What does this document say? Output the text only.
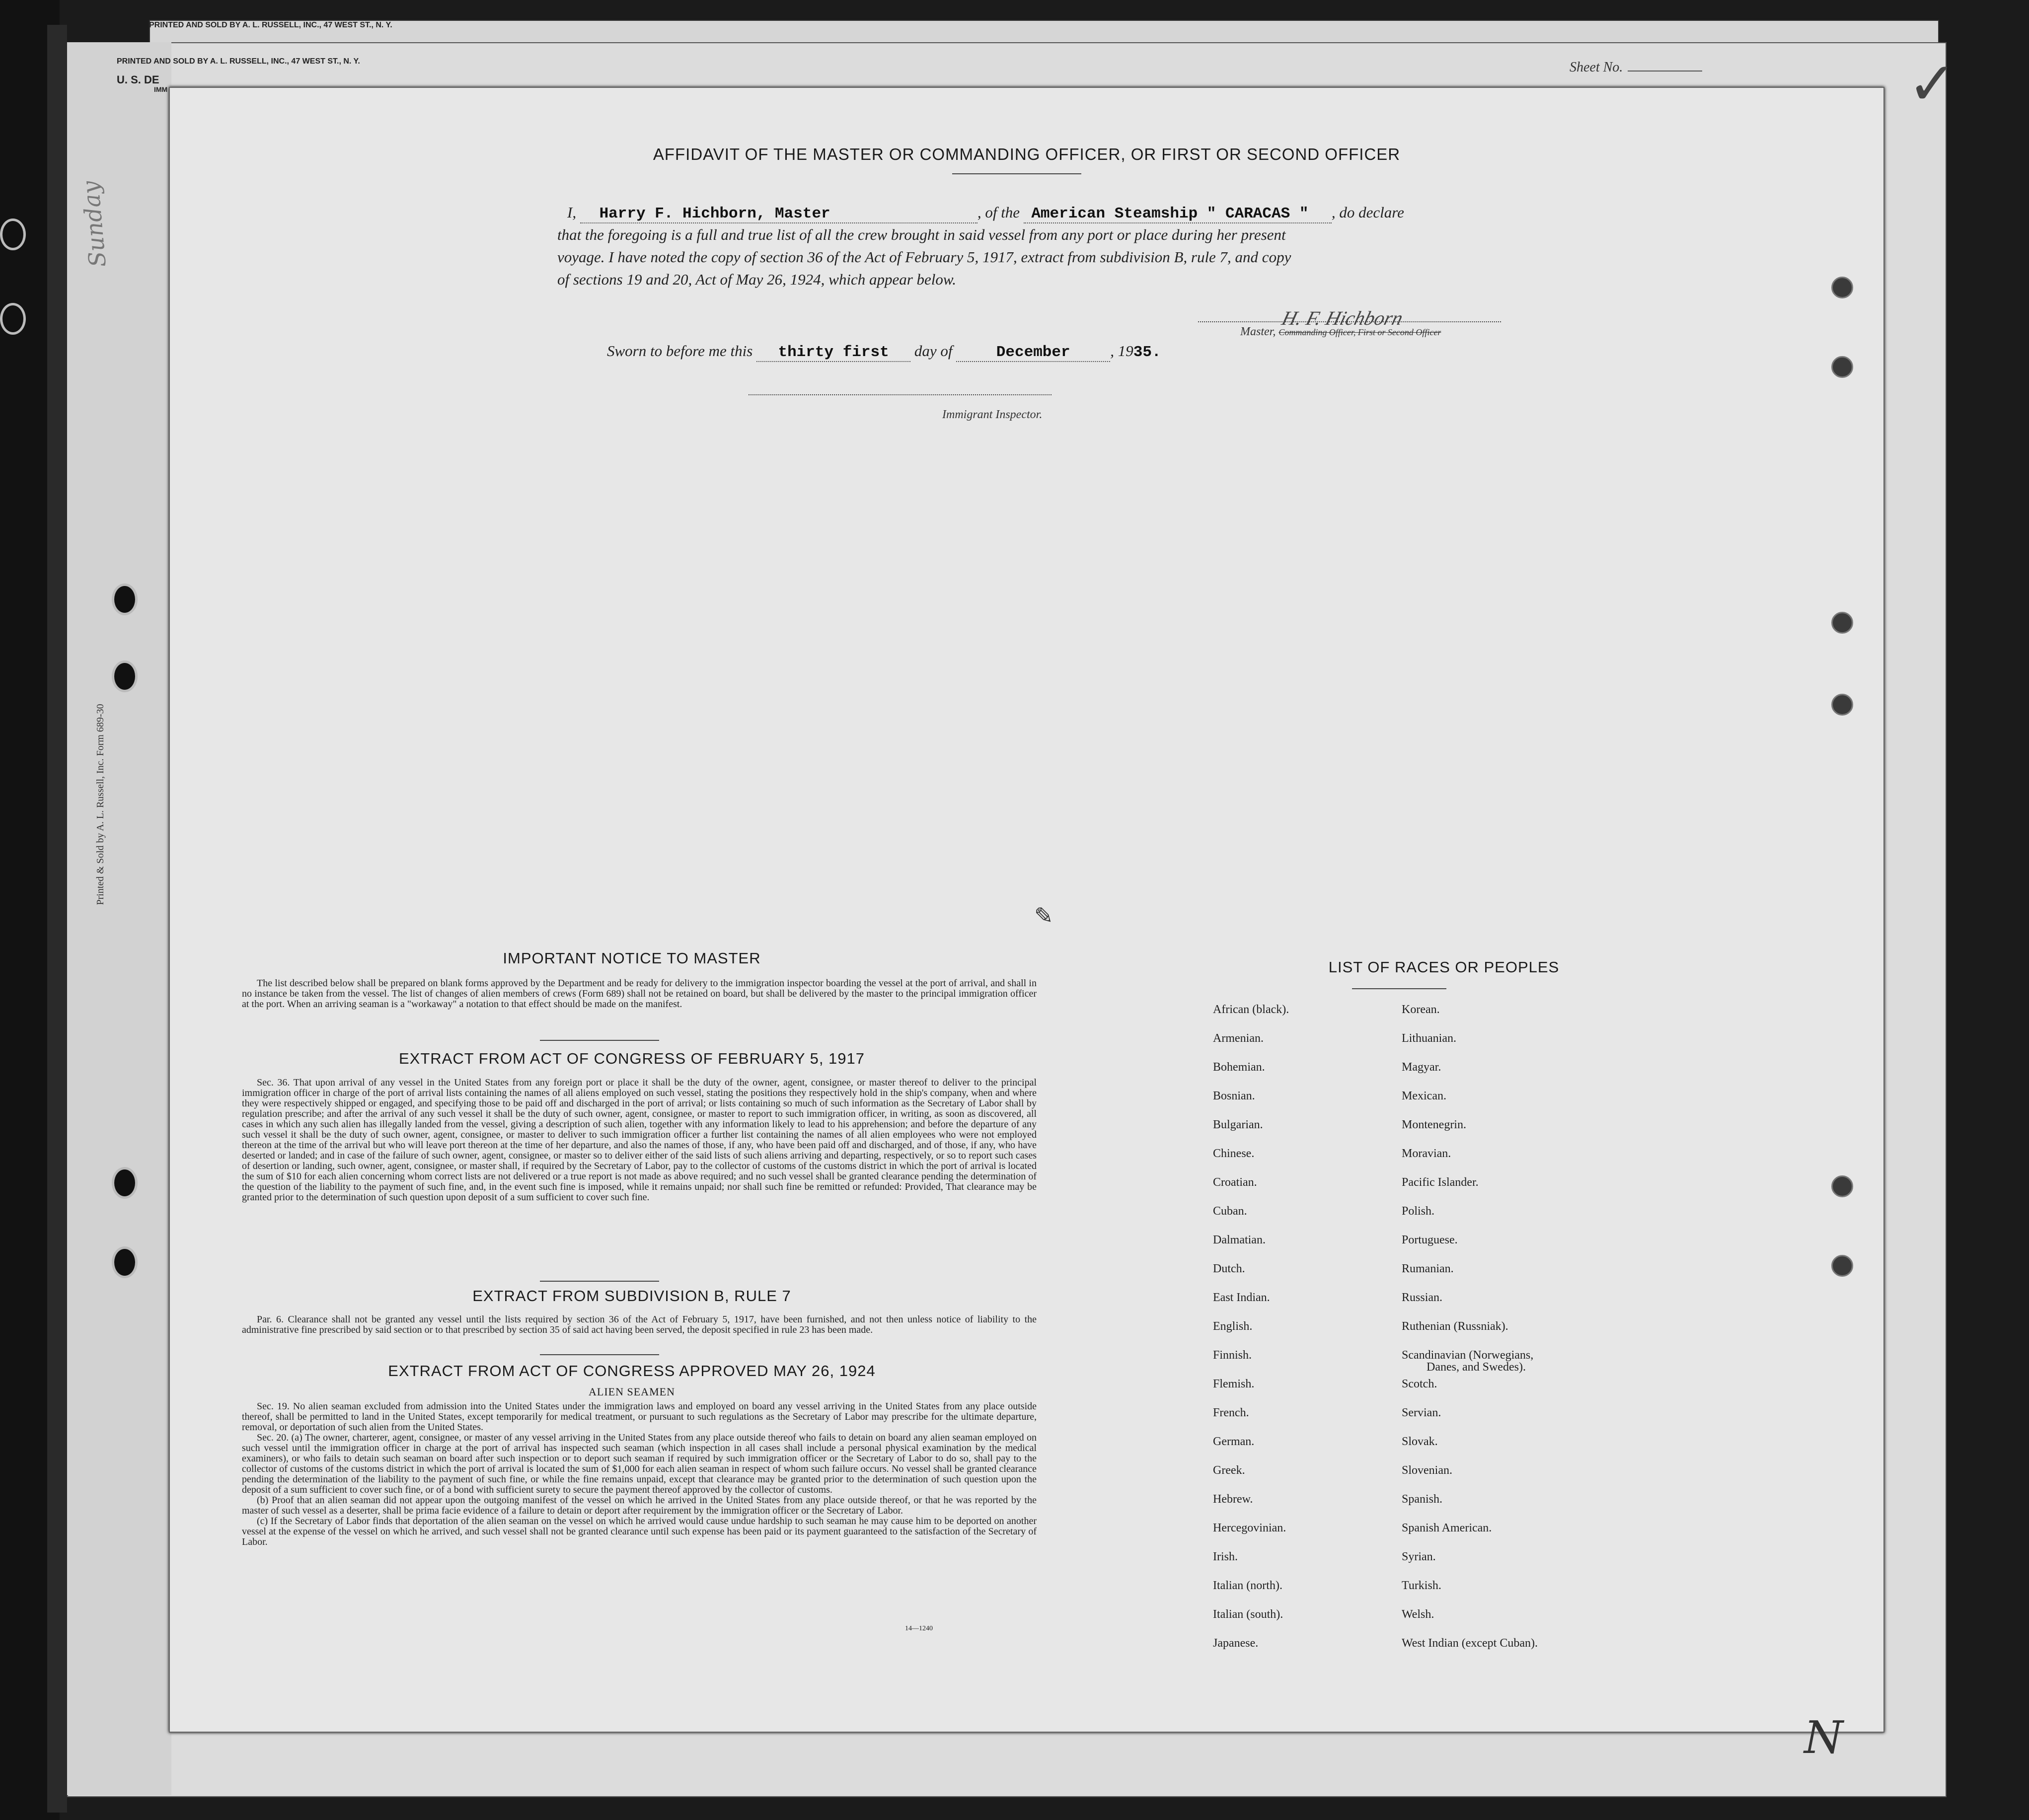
PRINTED AND SOLD BY A. L. RUSSELL, INC., 47 WEST ST., N. Y.
PRINTED AND SOLD BY A. L. RUSSELL, INC., 47 WEST ST., N. Y.
U. S. DE
IMM
Printed & Sold by A. L. Russell, Inc. Form 689-30
Sunday
Sheet No.	✓
AFFIDAVIT OF THE MASTER OR COMMANDING OFFICER, OR FIRST OR SECOND OFFICER
I, Harry F. Hichborn, Master	, of the American Steamship " CARACAS " , do declare
that the foregoing is a full and true list of all the crew brought in said vessel from any port or place during her present
voyage. I have noted the copy of section 36 of the Act of February 5, 1917, extract from subdivision B, rule 7, and copy
of sections 19 and 20, Act of May 26, 1924, which appear below.
H. F. Hichborn
Master, Commanding Officer, First or Second Officer
Sworn to before me this thirty first day of	December	, 1935.
Immigrant Inspector.
✎
IMPORTANT NOTICE TO MASTER

The list described below shall be prepared on blank forms approved by the Department and be ready for delivery to the immigration inspector boarding the vessel at the port of arrival, and shall in no instance be taken from the vessel. The list of changes of alien members of crews (Form 689) shall not be retained on board, but shall be delivered by the master to the principal immigration officer at the port. When an arriving seaman is a "workaway" a notation to that effect should be made on the manifest.

EXTRACT FROM ACT OF CONGRESS OF FEBRUARY 5, 1917

Sec. 36. That upon arrival of any vessel in the United States from any foreign port or place it shall be the duty of the owner, agent, consignee, or master thereof to deliver to the principal immigration officer in charge of the port of arrival lists containing the names of all aliens employed on such vessel, stating the positions they respectively hold in the ship's company, when and where they were respectively shipped or engaged, and specifying those to be paid off and discharged in the port of arrival; or lists containing so much of such information as the Secretary of Labor shall by regulation prescribe; and after the arrival of any such vessel it shall be the duty of such owner, agent, consignee, or master to report to such immigration officer, in writing, as soon as discovered, all cases in which any such alien has illegally landed from the vessel, giving a description of such alien, together with any information likely to lead to his apprehension; and before the departure of any such vessel it shall be the duty of such owner, agent, consignee, or master to deliver to such immigration officer a further list containing the names of all alien employees who were not employed thereon at the time of the arrival but who will leave port thereon at the time of her departure, and also the names of those, if any, who have been paid off and discharged, and of those, if any, who have deserted or landed; and in case of the failure of such owner, agent, consignee, or master so to deliver either of the said lists of such aliens arriving and departing, respectively, or so to report such cases of desertion or landing, such owner, agent, consignee, or master shall, if required by the Secretary of Labor, pay to the collector of customs of the customs district in which the port of arrival is located the sum of $10 for each alien concerning whom correct lists are not delivered or a true report is not made as above required; and no such vessel shall be granted clearance pending the determination of the question of the liability to the payment of such fine, and, in the event such fine is imposed, while it remains unpaid; nor shall such fine be remitted or refunded: Provided, That clearance may be granted prior to the determination of such question upon deposit of a sum sufficient to cover such fine.

EXTRACT FROM SUBDIVISION B, RULE 7

Par. 6. Clearance shall not be granted any vessel until the lists required by section 36 of the Act of February 5, 1917, have been furnished, and not then unless notice of liability to the administrative fine prescribed by said section or to that prescribed by section 35 of said act having been served, the deposit specified in rule 23 has been made.

EXTRACT FROM ACT OF CONGRESS APPROVED MAY 26, 1924
ALIEN SEAMEN

Sec. 19. No alien seaman excluded from admission into the United States under the immigration laws and employed on board any vessel arriving in the United States from any place outside thereof, shall be permitted to land in the United States, except temporarily for medical treatment, or pursuant to such regulations as the Secretary of Labor may prescribe for the ultimate departure, removal, or deportation of such alien from the United States.

Sec. 20. (a) The owner, charterer, agent, consignee, or master of any vessel arriving in the United States from any place outside thereof who fails to detain on board any alien seaman employed on such vessel until the immigration officer in charge at the port of arrival has inspected such seaman (which inspection in all cases shall include a personal physical examination by the medical examiners), or who fails to detain such seaman on board after such inspection or to deport such seaman if required by such immigration officer or the Secretary of Labor to do so, shall pay to the collector of customs of the customs district in which the port of arrival is located the sum of $1,000 for each alien seaman in respect of whom such failure occurs. No vessel shall be granted clearance pending the determination of the liability to the payment of such fine, or while the fine remains unpaid, except that clearance may be granted prior to the determination of such question upon the deposit of a sum sufficient to cover such fine, or of a bond with sufficient surety to secure the payment thereof approved by the collector of customs.

(b) Proof that an alien seaman did not appear upon the outgoing manifest of the vessel on which he arrived in the United States from any place outside thereof, or that he was reported by the master of such vessel as a deserter, shall be prima facie evidence of a failure to detain or deport after requirement by the immigration officer or the Secretary of Labor.

(c) If the Secretary of Labor finds that deportation of the alien seaman on the vessel on which he arrived would cause undue hardship to such seaman he may cause him to be deported on another vessel at the expense of the vessel on which he arrived, and such vessel shall not be granted clearance until such expense has been paid or its payment guaranteed to the satisfaction of the Secretary of Labor.

14—1240
LIST OF RACES OR PEOPLES
African (black).
Armenian.
Bohemian.
Bosnian.
Bulgarian.
Chinese.
Croatian.
Cuban.
Dalmatian.
Dutch.
East Indian.
English.
Finnish.
Flemish.
French.
German.
Greek.
Hebrew.
Hercegovinian.
Irish.
Italian (north).
Italian (south).
Japanese.
Korean.
Lithuanian.
Magyar.
Mexican.
Montenegrin.
Moravian.
Pacific Islander.
Polish.
Portuguese.
Rumanian.
Russian.
Ruthenian (Russniak).
Scandinavian (Norwegians,
Danes, and Swedes).
Scotch.
Servian.
Slovak.
Slovenian.
Spanish.
Spanish American.
Syrian.
Turkish.
Welsh.
West Indian (except Cuban).
N
